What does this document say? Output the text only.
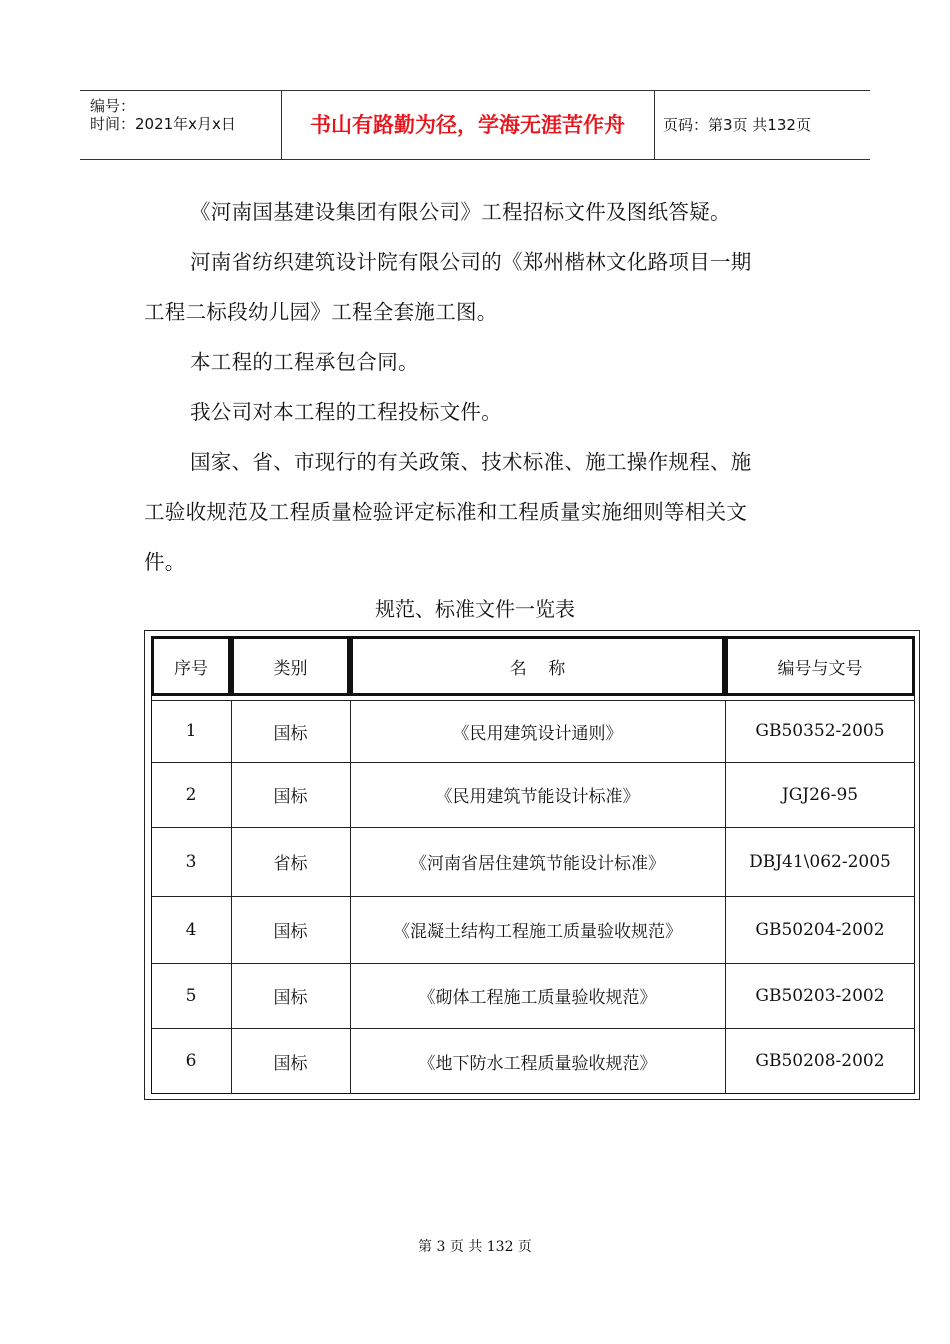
编号：
时间：2021年x月x日	书山有路勤为径，学海无涯苦作舟	页码：第3页 共132页
《河南国基建设集团有限公司》工程招标文件及图纸答疑。
河南省纺织建筑设计院有限公司的《郑州楷林文化路项目一期
工程二标段幼儿园》工程全套施工图。
本工程的工程承包合同。
我公司对本工程的工程投标文件。
国家、省、市现行的有关政策、技术标准、施工操作规程、施
工验收规范及工程质量检验评定标准和工程质量实施细则等相关文
件。
规范、标准文件一览表
序号	类别	名    称	编号与文号
1	国标	《民用建筑设计通则》	GB50352-2005
2	国标	《民用建筑节能设计标准》	JGJ26-95
3	省标	《河南省居住建筑节能设计标准》	DBJ41\062-2005
4	国标	《混凝土结构工程施工质量验收规范》	GB50204-2002
5	国标	《砌体工程施工质量验收规范》	GB50203-2002
6	国标	《地下防水工程质量验收规范》	GB50208-2002
第 3 页 共 132 页
